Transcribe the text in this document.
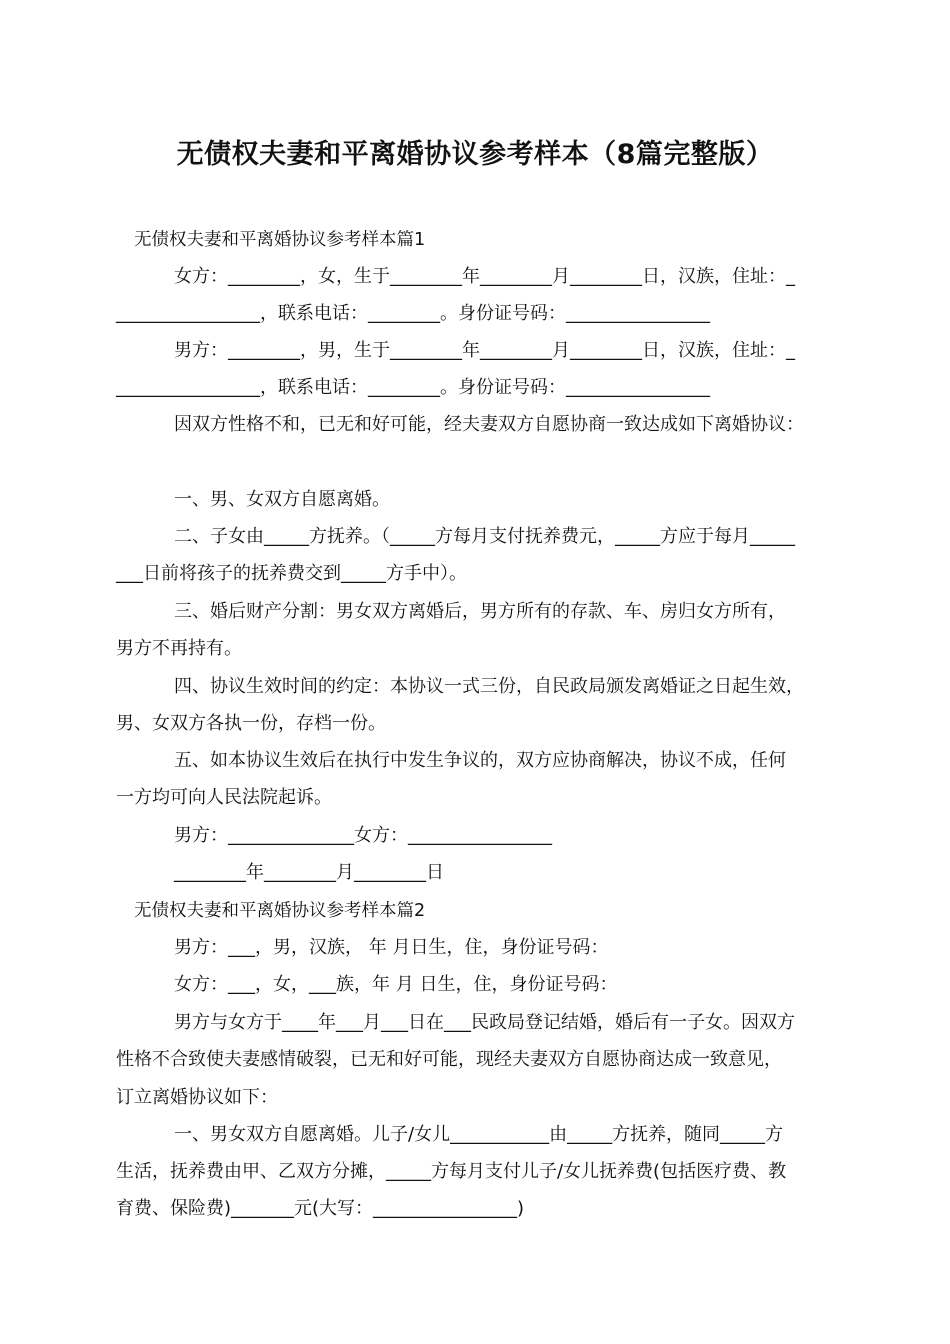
无债权夫妻和平离婚协议参考样本（8篇完整版）
无债权夫妻和平离婚协议参考样本篇1
女方：________，女，生于________年________月________日，汉族，住址：_
________________，联系电话：________。身份证号码：________________
男方：________，男，生于________年________月________日，汉族，住址：_
________________，联系电话：________。身份证号码：________________
因双方性格不和，已无和好可能，经夫妻双方自愿协商一致达成如下离婚协议：
一、男、女双方自愿离婚。
二、子女由_____方抚养。（_____方每月支付抚养费元，_____方应于每月_____
___日前将孩子的抚养费交到_____方手中）。
三、婚后财产分割：男女双方离婚后，男方所有的存款、车、房归女方所有，
男方不再持有。
四、协议生效时间的约定：本协议一式三份，自民政局颁发离婚证之日起生效，
男、女双方各执一份，存档一份。
五、如本协议生效后在执行中发生争议的，双方应协商解决，协议不成，任何
一方均可向人民法院起诉。
男方：______________女方：________________
________年________月________日
无债权夫妻和平离婚协议参考样本篇2
男方：___，男，汉族， 年 月日生，住，身份证号码：
女方：___，女，___族，年 月 日生，住，身份证号码：
男方与女方于____年___月___日在___民政局登记结婚，婚后有一子女。因双方
性格不合致使夫妻感情破裂，已无和好可能，现经夫妻双方自愿协商达成一致意见，
订立离婚协议如下：
一、男女双方自愿离婚。儿子/女儿___________由_____方抚养，随同_____方
生活，抚养费由甲、乙双方分摊，_____方每月支付儿子/女儿抚养费(包括医疗费、教
育费、保险费)_______元(大写：________________)
